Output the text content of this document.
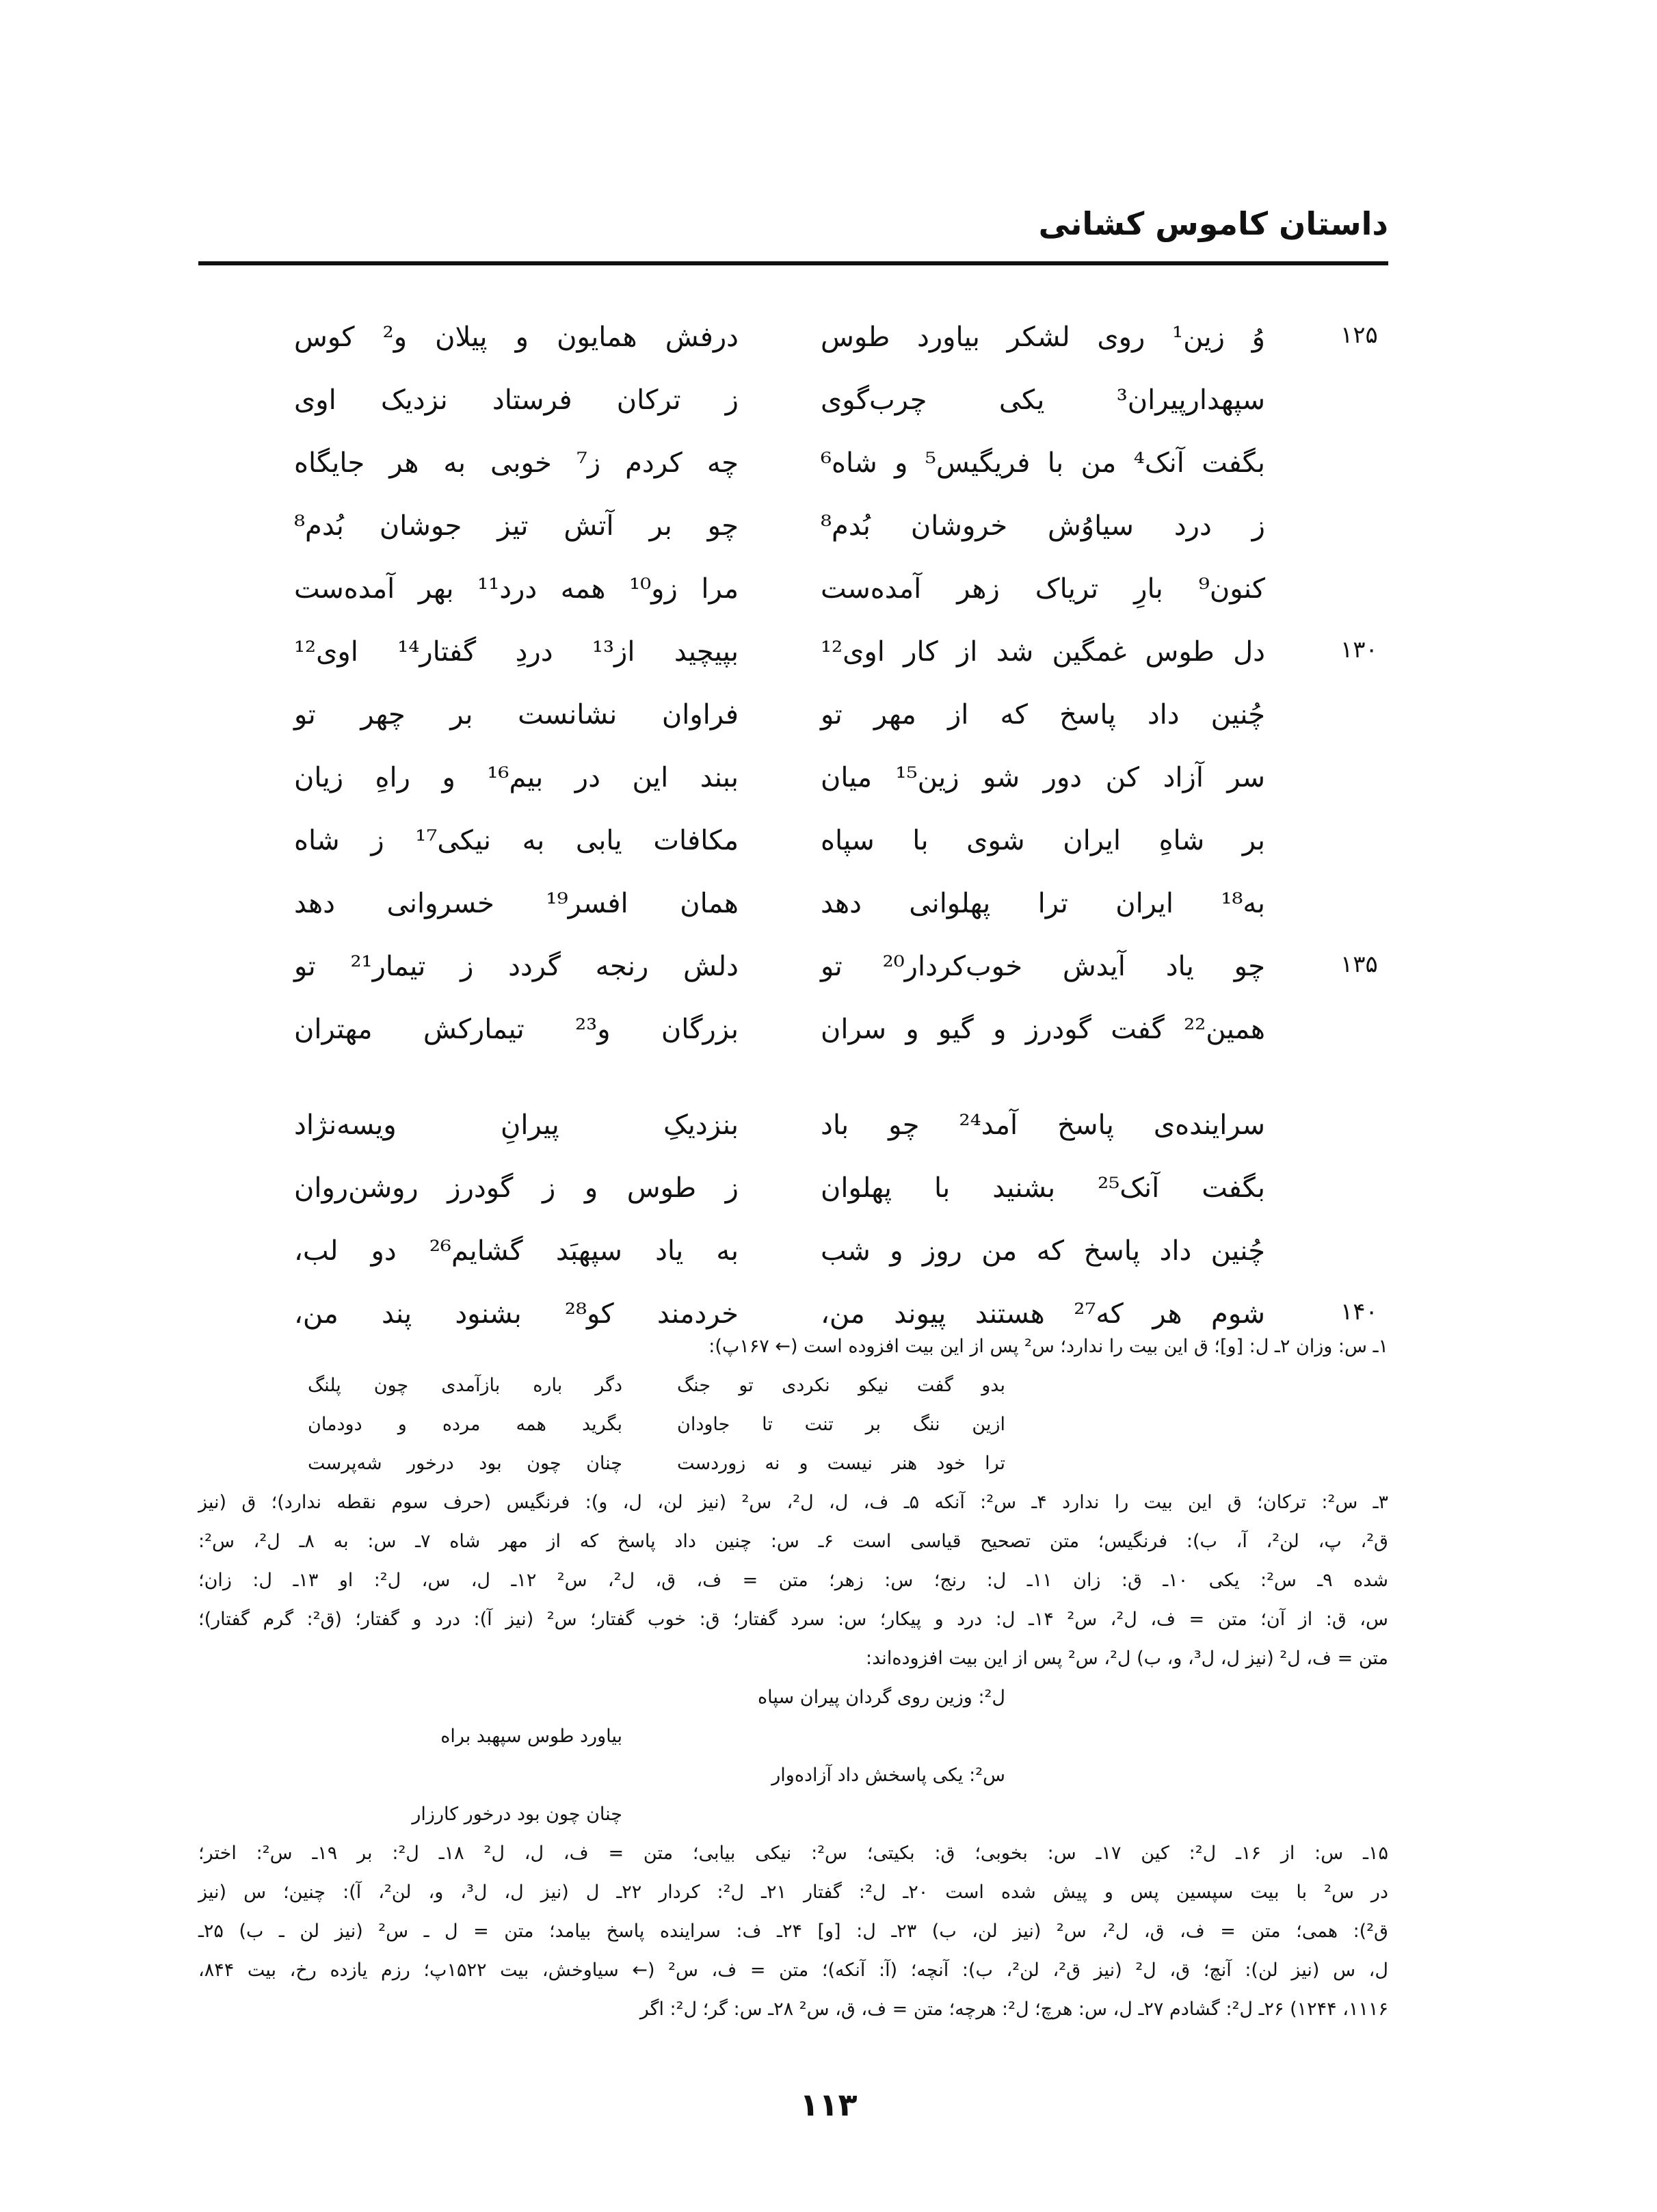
داستان کاموس کشانی
۱۲۵
وُ زین¹ روی لشکر بیاورد طوس
درفش همایون و پیلان و² کوس
سپهدارپیران³ یکی چرب‌گوی
ز ترکان فرستاد نزدیک اوی
بگفت آنک⁴ من با فریگیس⁵ و شاه⁶
چه کردم ز⁷ خوبی به هر جایگاه
ز درد سیاوُش خروشان بُدم⁸
چو بر آتش تیز جوشان بُدم⁸
کنون⁹ بارِ تریاک زهر آمده‌ست
مرا زو¹⁰ همه درد¹¹ بهر آمده‌ست
۱۳۰
دل طوس غمگین شد از کار اوی¹²
بپیچید از¹³ دردِ گفتار¹⁴ اوی¹²
چُنین داد پاسخ که از مهر تو
فراوان نشانست بر چهر تو
سر آزاد کن دور شو زین¹⁵ میان
ببند این در بیم¹⁶ و راهِ زیان
بر شاهِ ایران شوی با سپاه
مکافات یابی به نیکی¹⁷ ز شاه
به¹⁸ ایران ترا پهلوانی دهد
همان افسر¹⁹ خسروانی دهد
۱۳۵
چو یاد آیدش خوب‌کردار²⁰ تو
دلش رنجه گردد ز تیمار²¹ تو
همین²² گفت گودرز و گیو و سران
بزرگان و²³ تیمارکش مهتران
سراینده‌ی پاسخ آمد²⁴ چو باد
بنزدیکِ پیرانِ ویسه‌نژاد
بگفت آنک²⁵ بشنید با پهلوان
ز طوس و ز گودرز روشن‌روان
چُنین داد پاسخ که من روز و شب
به یاد سپهبَد گشایم²⁶ دو لب،
۱۴۰
شوم هر که²⁷ هستند پیوند من،
خردمند کو²⁸ بشنود پند من،
۱ـ س: وزان ۲ـ ل: [و]؛ ق این بیت را ندارد؛ س² پس از این بیت افزوده است (← ۱۶۷پ):
بدو گفت نیکو نکردی تو جنگ
دگر باره بازآمدی چون پلنگ
ازین ننگ بر تنت تا جاودان
بگرید همه مرده و دودمان
ترا خود هنر نیست و نه زوردست
چنان چون بود درخور شه‌پرست
۳ـ س²: ترکان؛ ق این بیت را ندارد ۴ـ س²: آنکه ۵ـ ف، ل، ل²، س² (نیز لن، ل، و): فرنگیس (حرف سوم نقطه ندارد)؛ ق (نیز
ق²، پ، لن²، آ، ب): فرنگیس؛ متن تصحیح قیاسی است ۶ـ س: چنین داد پاسخ که از مهر شاه ۷ـ س: به ۸ـ ل²، س²:
شده ۹ـ س²: یکی ۱۰ـ ق: زان ۱۱ـ ل: رنج؛ س: زهر؛ متن = ف، ق، ل²، س² ۱۲ـ ل، س، ل²: او ۱۳ـ ل: زان؛
س، ق: از آن؛ متن = ف، ل²، س² ۱۴ـ ل: درد و پیکار؛ س: سرد گفتار؛ ق: خوب گفتار؛ س² (نیز آ): درد و گفتار؛ (ق²: گرم گفتار)؛
متن = ف، ل² (نیز ل، ل³، و، ب) ل²، س² پس از این بیت افزوده‌اند:
ل²: وزین روی گردان پیران سپاه
بیاورد طوس سپهبد براه
س²: یکی پاسخش داد آزاده‌وار
چنان چون بود درخور کارزار
۱۵ـ س: از ۱۶ـ ل²: کین ۱۷ـ س: بخوبی؛ ق: بکیتی؛ س²: نیکی بیابی؛ متن = ف، ل، ل² ۱۸ـ ل²: بر ۱۹ـ س²: اختر؛
در س² با بیت سپسین پس و پیش شده است ۲۰ـ ل²: گفتار ۲۱ـ ل²: کردار ۲۲ـ ل (نیز ل، ل³، و، لن²، آ): چنین؛ س (نیز
ق²): همی؛ متن = ف، ق، ل²، س² (نیز لن، ب) ۲۳ـ ل: [و] ۲۴ـ ف: سراینده پاسخ بیامد؛ متن = ل ـ س² (نیز لن ـ ب) ۲۵ـ
ل، س (نیز لن): آنچ؛ ق، ل² (نیز ق²، لن²، ب): آنچه؛ (آ: آنکه)؛ متن = ف، س² (← سیاوخش، بیت ۱۵۲۲پ؛ رزم یازده رخ، بیت ۸۴۴،
۱۱۱۶، ۱۲۴۴) ۲۶ـ ل²: گشادم ۲۷ـ ل، س: هرچ؛ ل²: هرچه؛ متن = ف، ق، س² ۲۸ـ س: گر؛ ل²: اگر
۱۱۳
